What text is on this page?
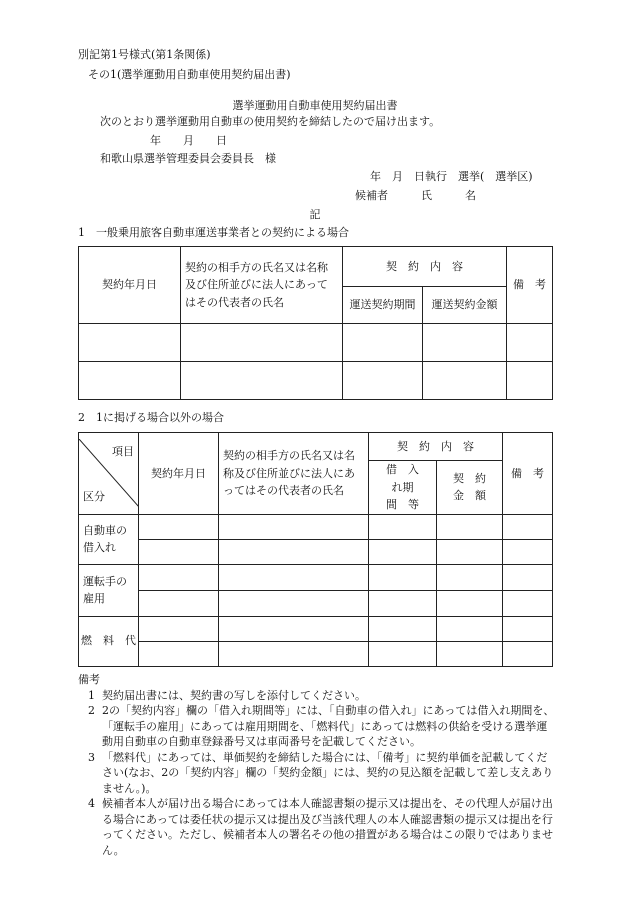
別記第1号様式(第1条関係)
その1(選挙運動用自動車使用契約届出書)
選挙運動用自動車使用契約届出書
次のとおり選挙運動用自動車の使用契約を締結したので届け出ます。
年　　月　　日
和歌山県選挙管理委員会委員長　様
年　月　日執行　選挙(　選挙区)
候補者　　　氏　　　名
記
1　一般乗用旅客自動車運送事業者との契約による場合
契約年月日	契約の相手方の氏名又は名称及び住所並びに法人にあってはその代表者の氏名	契　約　内　容		備　考
		運送契約期間	運送契約金額	

2　1に掲げる場合以外の場合
項目
区分	契約年月日	契約の相手方の氏名又は名称及び住所並びに法人にあってはその代表者の氏名	契　約　内　容		備　考
			借　入　れ期　間　等	契　約金　額	
自動車の借入れ					

運転手の雇用					

燃　料　代					

備考
1 契約届出書には、契約書の写しを添付してください。
2 2の「契約内容」欄の「借入れ期間等」には、「自動車の借入れ」にあっては借入れ期間を、「運転手の雇用」にあっては雇用期間を、「燃料代」にあっては燃料の供給を受ける選挙運動用自動車の自動車登録番号又は車両番号を記載してください。
3 「燃料代」にあっては、単価契約を締結した場合には、「備考」に契約単価を記載してください(なお、2の「契約内容」欄の「契約金額」には、契約の見込額を記載して差し支えありません。)。
4 候補者本人が届け出る場合にあっては本人確認書類の提示又は提出を、その代理人が届け出る場合にあっては委任状の提示又は提出及び当該代理人の本人確認書類の提示又は提出を行ってください。ただし、候補者本人の署名その他の措置がある場合はこの限りではありません。
